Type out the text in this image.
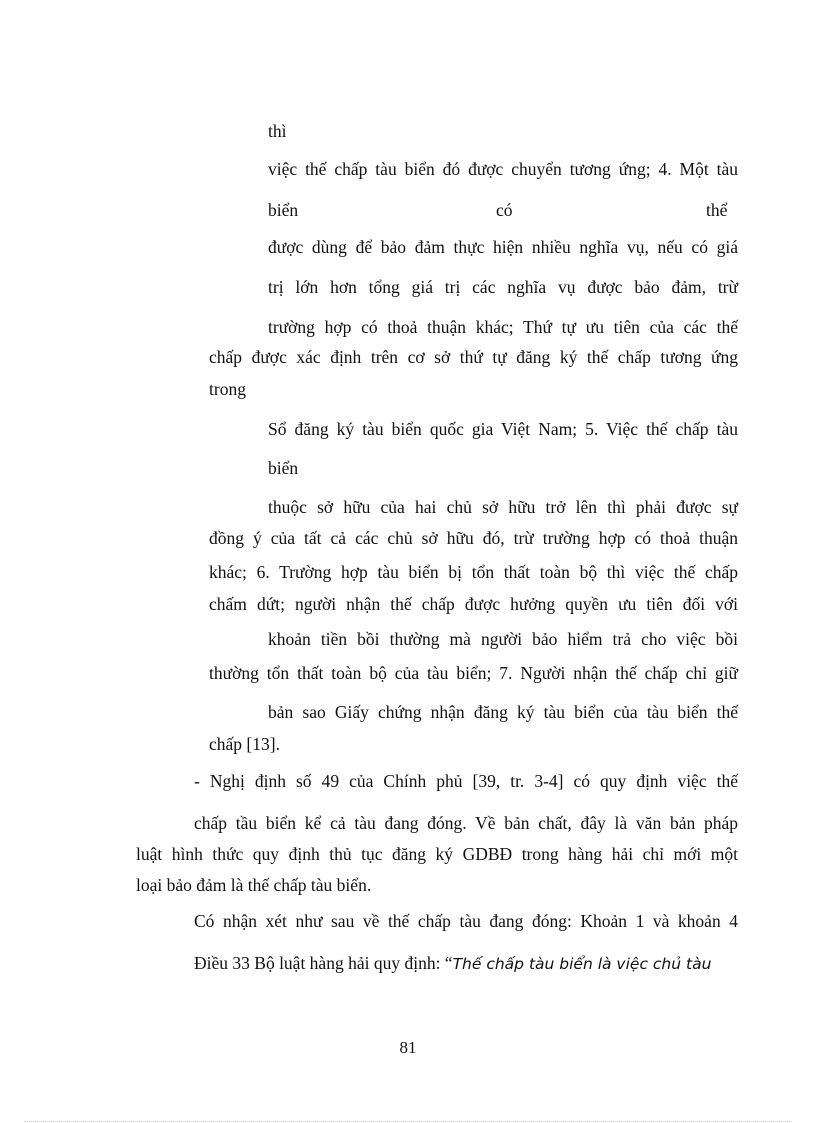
thì

việc thế chấp tàu biển đó được chuyển tương ứng; 4. Một tàu

biển	có	thể

được dùng để bảo đảm thực hiện nhiều nghĩa vụ, nếu có giá

trị lớn hơn tổng giá trị các nghĩa vụ được bảo đảm, trừ

trường hợp có thoả thuận khác; Thứ tự ưu tiên của các thế

chấp được xác định trên cơ sở thứ tự đăng ký thế chấp tương ứng

trong

Sổ đăng ký tàu biển quốc gia Việt Nam; 5. Việc thế chấp tàu

biển

thuộc sở hữu của hai chủ sở hữu trở lên thì phải được sự

đồng ý của tất cả các chủ sở hữu đó, trừ trường hợp có thoả thuận

khác; 6. Trường hợp tàu biển bị tổn thất toàn bộ thì việc thế chấp

chấm dứt; người nhận thế chấp được hưởng quyền ưu tiên đối với

khoản tiền bồi thường mà người bảo hiểm trả cho việc bồi

thường tổn thất toàn bộ của tàu biển; 7. Người nhận thế chấp chỉ giữ

bản sao Giấy chứng nhận đăng ký tàu biển của tàu biển thế

chấp [13].

- Nghị định số 49 của Chính phủ [39, tr. 3-4] có quy định việc thế

chấp tầu biển kể cả tàu đang đóng. Về bản chất, đây là văn bản pháp

luật hình thức quy định thủ tục đăng ký GDBĐ trong hàng hải chỉ mới một

loại bảo đảm là thế chấp tàu biển.

Có nhận xét như sau về thế chấp tàu đang đóng: Khoản 1 và khoản 4

Điều 33 Bộ luật hàng hải quy định: “Thế chấp tàu biển là việc chủ tàu

81
